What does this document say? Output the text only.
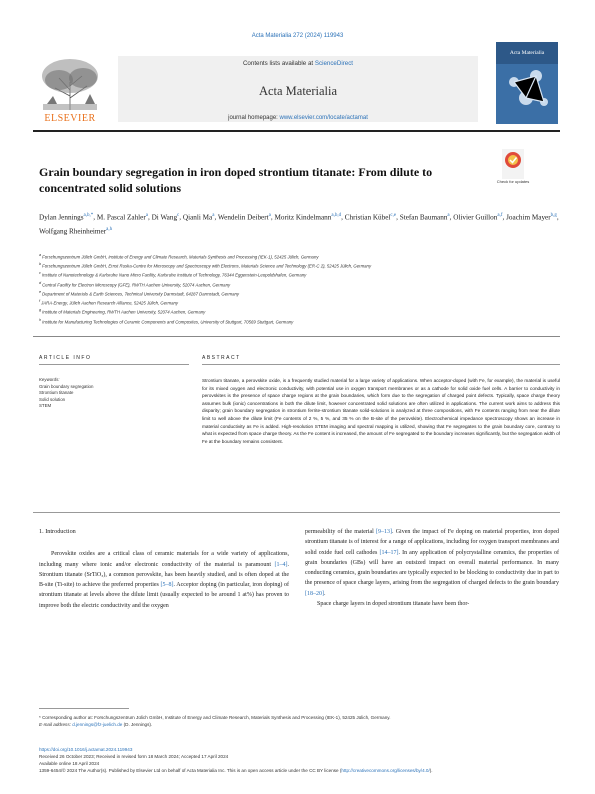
Acta Materialia 272 (2024) 119943
Contents lists available at ScienceDirect
Acta Materialia
journal homepage: www.elsevier.com/locate/actamat
ELSEVIER
Acta Materialia
Grain boundary segregation in iron doped strontium titanate: From dilute to concentrated solid solutions	Check for updates
Dylan Jennings$^{a,b,*}$, M. Pascal Zahler$^a$, Di Wang$^c$, Qianli Ma$^a$, Wendelin Deibert$^a$, Moritz Kindelmann$^{a,b,d}$, Christian Kübel$^{c,e}$, Stefan Baumann$^a$, Olivier Guillon$^{a,f}$, Joachim Mayer$^{b,g}$, Wolfgang Rheinheimer$^{a,h}$
$^a$ Forschungszentrum Jülich GmbH, Institute of Energy and Climate Research, Materials Synthesis and Processing (IEK-1), 52425 Jülich, Germany
$^b$ Forschungszentrum Jülich GmbH, Ernst Ruska-Centre for Microscopy and Spectroscopy with Electrons, Materials Science and Technology (ER-C 2), 52425 Jülich, Germany
$^c$ Institute of Nanotechnology & Karlsruhe Nano Micro Facility, Karlsruhe Institute of Technology, 76344 Eggenstein-Leopoldshafen, Germany
$^d$ Central Facility for Electron Microscopy (GFE), RWTH Aachen University, 52074 Aachen, Germany
$^e$ Department of Materials & Earth Sciences, Technical University Darmstadt, 64287 Darmstadt, Germany
$^f$ JARA-Energy, Jülich Aachen Research Alliance, 52425 Jülich, Germany
$^g$ Institute of Materials Engineering, RWTH Aachen University, 52074 Aachen, Germany
$^h$ Institute for Manufacturing Technologies of Ceramic Components and Composites, University of Stuttgart, 70569 Stuttgart, Germany
ARTICLE INFO	ABSTRACT
Keywords:
Grain boundary segregation
Strontium titanate
Solid solution
STEM
Strontium titanate, a perovskite oxide, is a frequently studied material for a large variety of applications. When acceptor-doped (with Fe, for example), the material is useful for its mixed oxygen and electronic conductivity, with potential use in oxygen transport membranes or as a cathode for solid oxide fuel cells. A barrier to conductivity in perovskites is the presence of space charge regions at the grain boundaries, which form due to the segregation of charged point defects. Typically, space charge theory assumes bulk (ionic) concentrations in both the dilute limit, however concentrated solid solutions are often utilized in applications. The current work aims to address this disparity; grain boundary segregation in strontium ferrite-strontium titanate solid-solutions is analyzed at three compositions, with Fe contents ranging from near the dilute limit to well above the dilute limit (Fe contents of 2 %, 5 %, and 35 % on the B-site of the perovskite). Electrochemical impedance spectroscopy shows an increase in material conductivity as Fe is added. High-resolution STEM imaging and spectral mapping is utilized, showing that Fe segregates to the grain boundary core, contrary to what is expected from space charge theory. As the Fe content is increased, the amount of Fe segregated to the boundary increases significantly, but the segregation width of Fe at the boundary remains consistent.
1. Introduction

Perovskite oxides are a critical class of ceramic materials for a wide variety of applications, including many where ionic and/or electronic conductivity of the material is paramount [1–4]. Strontium titanate (SrTiO₃), a common perovskite, has been heavily studied, and is often doped at the B-site (Ti-site) to achieve the preferred properties [5–8]. Acceptor doping (in particular, iron doping) of strontium titanate at levels above the dilute limit (usually expected to be around 1 at%) has proven to improve both the electric conductivity and the oxygen

permeability of the material [9–13]. Given the impact of Fe doping on material properties, iron doped strontium titanate is of interest for a range of applications, including for oxygen transport membranes and solid oxide fuel cell cathodes [14–17]. In any application of polycrystalline ceramics, the properties of grain boundaries (GBs) will have an outsized impact on overall material performance. In many conducting ceramics, grain boundaries are typically expected to be blocking to conductivity due in part to the presence of space charge layers, arising from the segregation of charged defects to the grain boundary [18–20].

Space charge layers in doped strontium titanate have been thor-

* Corresponding author at: Forschungszentrum Jülich GmbH, Institute of Energy and Climate Research, Materials Synthesis and Processing (IEK-1), 52425 Jülich, Germany.
E-mail address: d.jennings@fz-juelich.de (D. Jennings).
https://doi.org/10.1016/j.actamat.2024.119943
Received 26 October 2023; Received in revised form 18 March 2024; Accepted 17 April 2024
Available online 18 April 2024
1359-6454/© 2024 The Author(s). Published by Elsevier Ltd on behalf of Acta Materialia Inc. This is an open access article under the CC BY license (http://creativecommons.org/licenses/by/4.0/).
